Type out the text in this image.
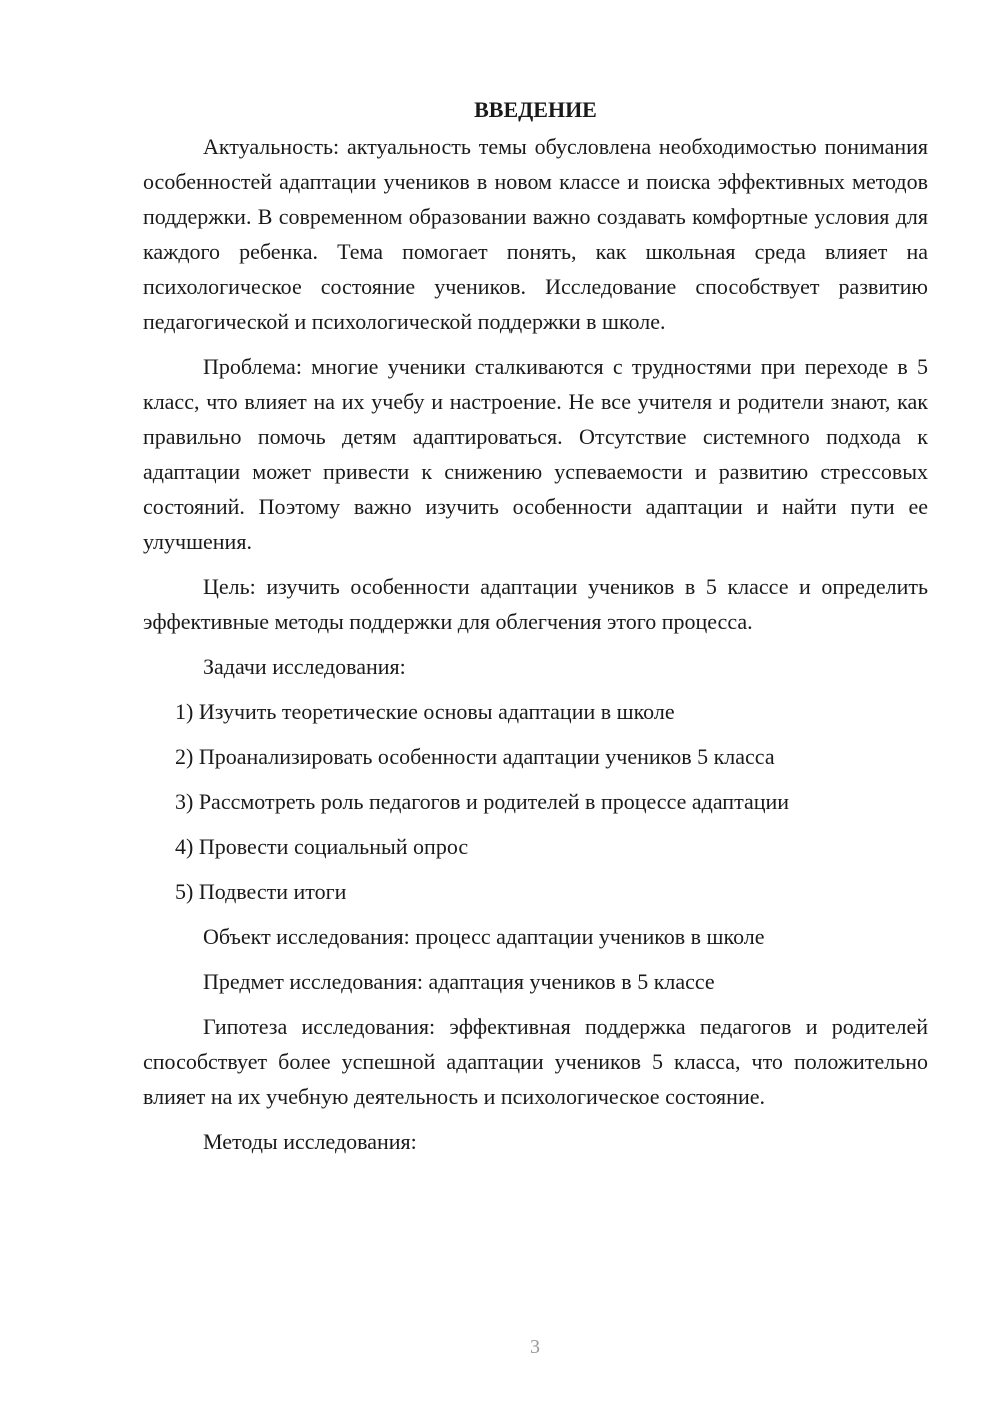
ВВЕДЕНИЕ

Актуальность: актуальность темы обусловлена необходимостью понимания особенностей адаптации учеников в новом классе и поиска эффективных методов поддержки. В современном образовании важно создавать комфортные условия для каждого ребенка. Тема помогает понять, как школьная среда влияет на психологическое состояние учеников. Исследование способствует развитию педагогической и психологической поддержки в школе.

Проблема: многие ученики сталкиваются с трудностями при переходе в 5 класс, что влияет на их учебу и настроение. Не все учителя и родители знают, как правильно помочь детям адаптироваться. Отсутствие системного подхода к адаптации может привести к снижению успеваемости и развитию стрессовых состояний. Поэтому важно изучить особенности адаптации и найти пути ее улучшения.

Цель: изучить особенности адаптации учеников в 5 классе и определить эффективные методы поддержки для облегчения этого процесса.

Задачи исследования:

1) Изучить теоретические основы адаптации в школе
2) Проанализировать особенности адаптации учеников 5 класса
3) Рассмотреть роль педагогов и родителей в процессе адаптации
4) Провести социальный опрос
5) Подвести итоги

Объект исследования: процесс адаптации учеников в школе

Предмет исследования: адаптация учеников в 5 классе

Гипотеза исследования: эффективная поддержка педагогов и родителей способствует более успешной адаптации учеников 5 класса, что положительно влияет на их учебную деятельность и психологическое состояние.

Методы исследования:

3
